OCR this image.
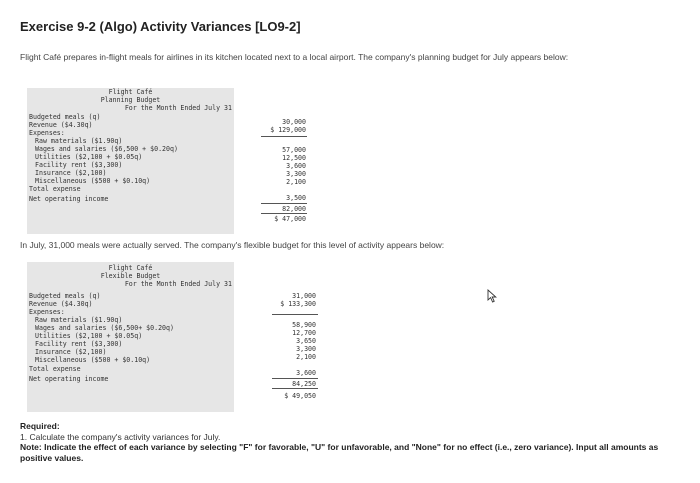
Exercise 9-2 (Algo) Activity Variances [LO9-2]
Flight Café prepares in-flight meals for airlines in its kitchen located next to a local airport. The company's planning budget for July appears below:
Flight Café
Planning Budget
For the Month Ended July 31
Budgeted meals (q)
Revenue ($4.30q)
Expenses:
Raw materials ($1.90q)
Wages and salaries ($6,500 + $0.20q)
Utilities ($2,100 + $0.05q)
Facility rent ($3,300)
Insurance ($2,100)
Miscellaneous ($500 + $0.10q)
Total expense
Net operating income
30,000
$ 129,000
57,000
12,500
3,600
3,300
2,100
3,500
82,000
$ 47,000
In July, 31,000 meals were actually served. The company's flexible budget for this level of activity appears below:
Flight Café
Flexible Budget
For the Month Ended July 31
Budgeted meals (q)
Revenue ($4.30q)
Expenses:
Raw materials ($1.90q)
Wages and salaries ($6,500+ $0.20q)
Utilities ($2,100 + $0.05q)
Facility rent ($3,300)
Insurance ($2,100)
Miscellaneous ($500 + $0.10q)
Total expense
Net operating income
31,000
$ 133,300
58,900
12,700
3,650
3,300
2,100
3,600
84,250
$ 49,050
Required:
1. Calculate the company's activity variances for July.
Note: Indicate the effect of each variance by selecting "F" for favorable, "U" for unfavorable, and "None" for no effect (i.e., zero variance). Input all amounts as positive values.
